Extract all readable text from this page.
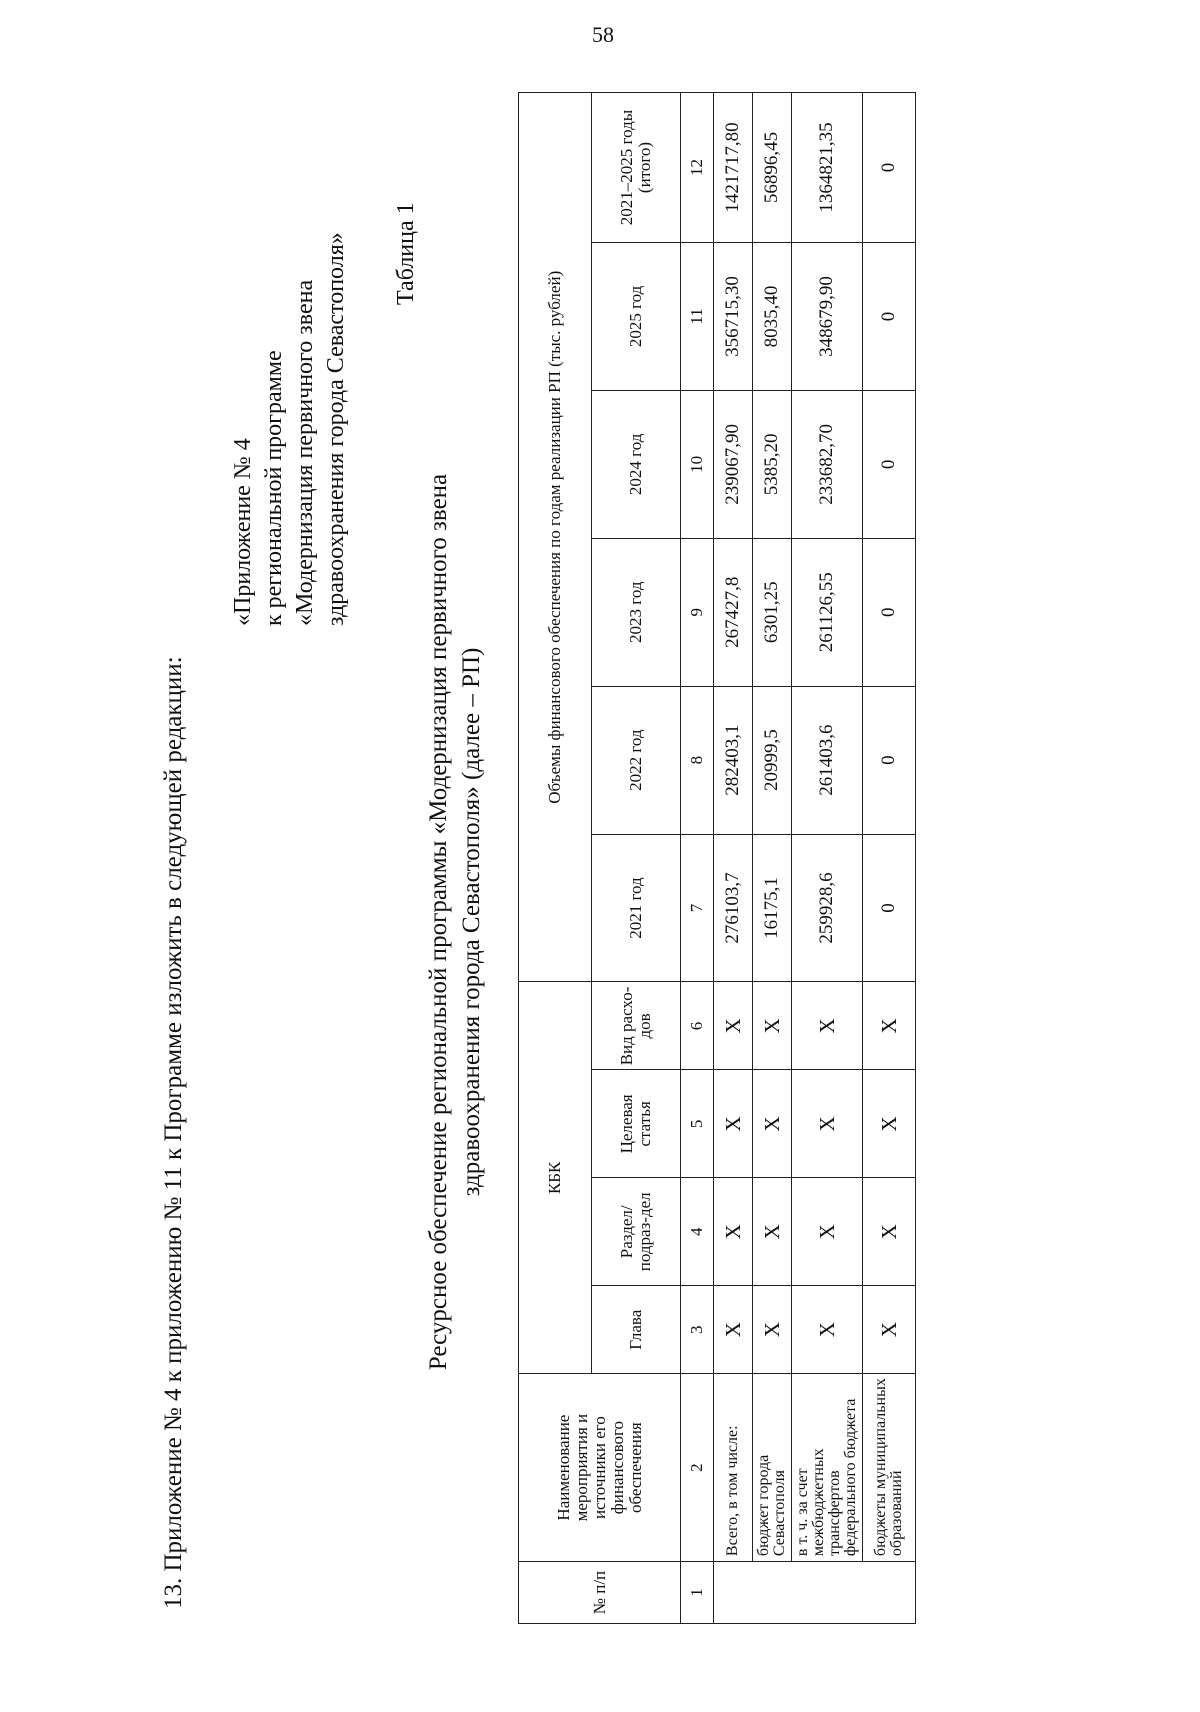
58
13. Приложение № 4 к приложению № 11 к Программе изложить в следующей редакции:
«Приложение № 4 к региональной программе «Модернизация первичного звена здравоохранения города Севастополя» Таблица 1
Ресурсное обеспечение региональной программы «Модернизация первичного звена здравоохранения города Севастополя» (далее – РП)
№ п/п	Наименование мероприятия и источники его финансового обеспечения	КБК				Объемы финансового обеспечения по годам реализации РП (тыс. рублей)					
		Глава	Раздел/ подраз-дел	Целевая статья	Вид расхо-дов	2021 год	2022 год	2023 год	2024 год	2025 год	2021–2025 годы (итого)
1	2	3	4	5	6	7	8	9	10	11	12
	Всего, в том числе:	X	X	X	X	276103,7	282403,1	267427,8	239067,90	356715,30	1421717,80
	бюджет города Севастополя	X	X	X	X	16175,1	20999,5	6301,25	5385,20	8035,40	56896,45
	в т. ч. за счет межбюджетных трансфертов федерального бюджета	X	X	X	X	259928,6	261403,6	261126,55	233682,70	348679,90	1364821,35
	бюджеты муниципальных образований	X	X	X	X	0	0	0	0	0	0
